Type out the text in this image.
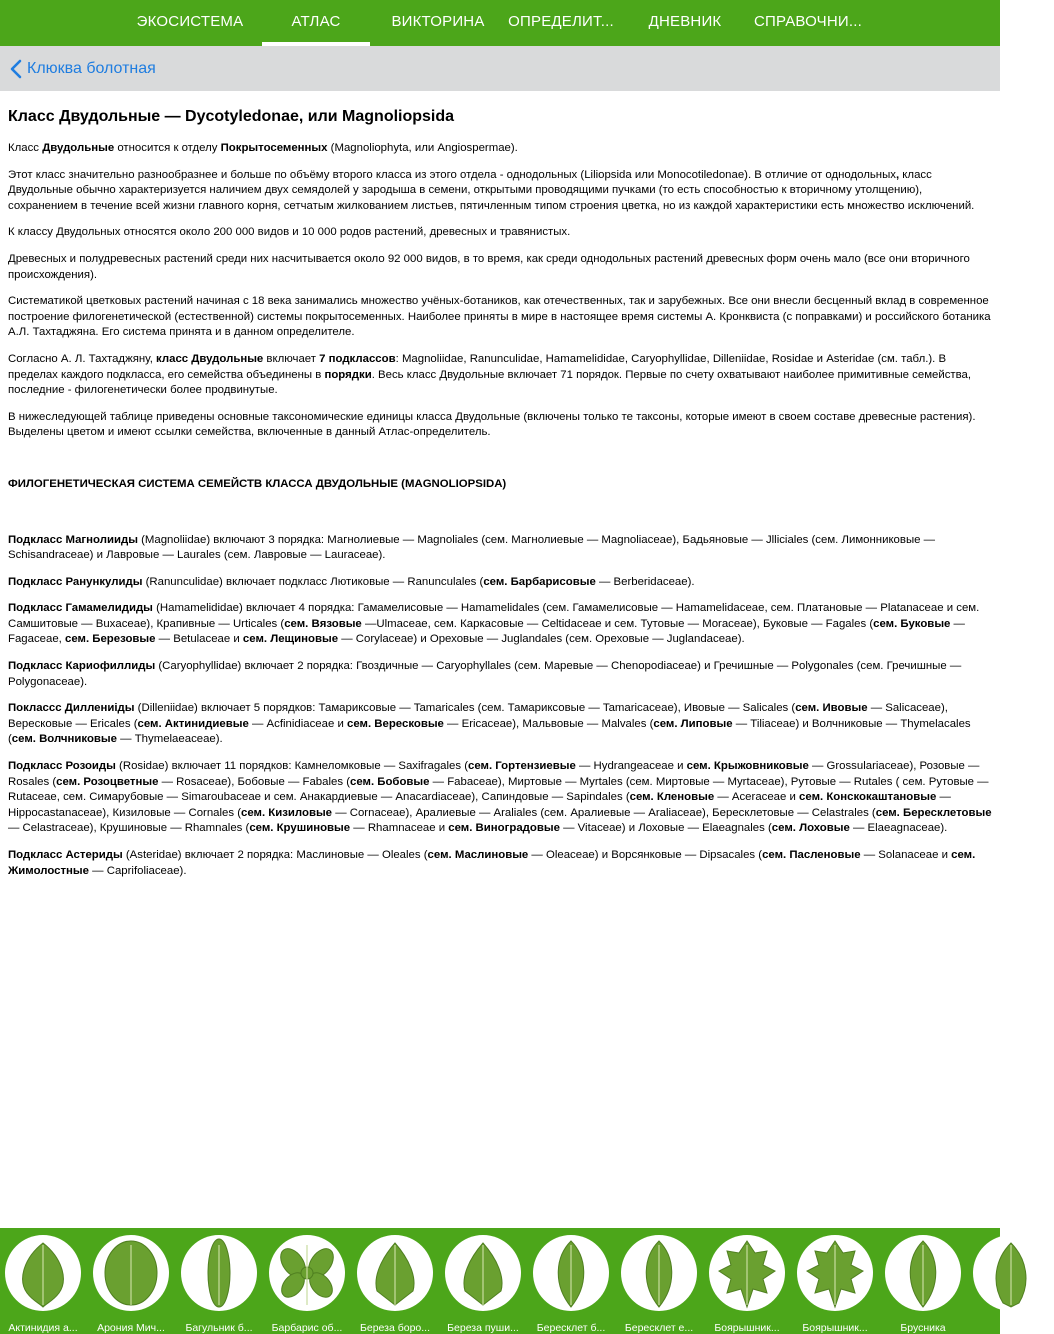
ЭКОСИСТЕМА	АТЛАС	ВИКТОРИНА	ОПРЕДЕЛИТ...	ДНЕВНИК	СПРАВОЧНИ...
Клюква болотная
Класс Двудольные — Dycotyledonae, или Magnoliopsida

Класс Двудольные относится к отделу Покрытосеменных (Magnoliophyta, или Angiospermae).

Этот класс значительно разнообразнее и больше по объёму второго класса из этого отдела - однодольных (Liliopsida или Monocotiledonae). В отличие от однодольных, класс Двудольные обычно характеризуется наличием двух семядолей у зародыша в семени, открытыми проводящими пучками (то есть способностью к вторичному утолщению), сохранением в течение всей жизни главного корня, сетчатым жилкованием листьев, пятичленным типом строения цветка, но из каждой характеристики есть множество исключений.

К классу Двудольных относятся около 200 000 видов и 10 000 родов растений, древесных и травянистых.

Древесных и полудревесных растений среди них насчитывается около 92 000 видов, в то время, как среди однодольных растений древесных форм очень мало (все они вторичного происхождения).

Систематикой цветковых растений начиная с 18 века занимались множество учёных-ботаников, как отечественных, так и зарубежных. Все они внесли бесценный вклад в современное построение филогенетической (естественной) системы покрытосеменных. Наиболее приняты в мире в настоящее время системы А. Кронквиста (с поправками) и российского ботаника А.Л. Тахтаджяна. Его система принята и в данном определителе.

Согласно А. Л. Тахтаджяну, класс Двудольные включает 7 подклассов: Magnoliidae, Ranunculidae, Hamamelididae, Caryophyllidae, Dilleniidae, Rosidae и Asteridae (см. табл.). В пределах каждого подкласса, его семейства объединены в порядки. Весь класс Двудольные включает 71 порядок. Первые по счету охватывают наиболее примитивные семейства, последние - филогенетически более продвинутые.

В нижеследующей таблице приведены основные таксономические единицы класса Двудольные (включены только те таксоны, которые имеют в своем составе древесные растения). Выделены цветом и имеют ссылки семейства, включенные в данный Атлас-определитель.

ФИЛОГЕНЕТИЧЕСКАЯ СИСТЕМА СЕМЕЙСТВ КЛАССА ДВУДОЛЬНЫЕ (MAGNOLIOPSIDA)

Подкласс Магнолииды (Magnoliidae) включают 3 порядка: Магнолиевые — Magnoliales (сем. Магнолиевые — Magnoliaceae), Бадьяновые — Jlliciales (сем. Лимонниковые — Schisandraceae) и Лавровые — Laurales (сем. Лавровые — Lauraceae).

Подкласс Ранункулиды (Ranunculidae) включает подкласс Лютиковые — Ranunculales (сем. Барбарисовые — Berberidaceae).

Подкласс Гамамелидиды (Hamamelididae) включает 4 порядка: Гамамелисовые — Hamamelidales (сем. Гамамелисовые — Hamamelidaceae, сем. Платановые — Platanaceae и сем. Самшитовые — Buxaceae), Крапивные — Urticales (сем. Вязовые —Ulmaceae, сем. Каркасовые — Celtidaceae и сем. Тутовые — Moraceae), Буковые — Fagales (сем. Буковые — Fagaceae, сем. Березовые — Betulaceae и сем. Лещиновые — Corylaceae) и Ореховые — Juglandales (сем. Ореховые — Juglandaceae).

Подкласс Кариофиллиды (Caryophyllidae) включает 2 порядка: Гвоздичные — Caryophyllales (сем. Маревые — Chenopodiaceae) и Гречишные — Polygonales (сем. Гречишные — Polygonaceae).

Поклассс Диллениiды (Dilleniidae) включает 5 порядков: Тамариксовые — Tamaricales (сем. Тамариксовые — Tamaricaceae), Ивовые — Salicales (сем. Ивовые — Salicaceae), Вересковые — Ericales (сем. Актинидиевые — Acfinidiaceae и сем. Вересковые — Ericaceae), Мальвовые — Malvales (сем. Липовые — Tiliaceae) и Волчниковые — Thymelacales (сем. Волчниковые — Thymelaeaceae).

Подкласс Розоиды (Rosidae) включает 11 порядков: Камнеломковые — Saxifragales (сем. Гортензиевые — Hydrangeaceae и сем. Крыжовниковые — Grossulariaceae), Розовые — Rosales (сем. Розоцветные — Rosaceae), Бобовые — Fabales (сем. Бобовые — Fabaceae), Миртовые — Myrtales (сем. Миртовые — Myrtaceae), Рутовые — Rutales ( сем. Рутовые — Rutaceae, сем. Симарубовые — Simaroubaceae и сем. Анакардиевые — Anacardiaceae), Сапиндовые — Sapindales (сем. Кленовые — Aceraceae и сем. Конскокаштановые — Hippocastanaceae), Кизиловые — Cornales (сем. Кизиловые — Cornaceae), Аралиевые — Araliales (сем. Аралиевые — Araliaceae), Бересклетовые — Celastrales (сем. Бересклетовые — Celastraceae), Крушиновые — Rhamnales (сем. Крушиновые — Rhamnaceae и сем. Виноградовые — Vitaceae) и Лоховые — Elaeagnales (сем. Лоховые — Elaeagnaceae).

Подкласс Астериды (Asteridae) включает 2 порядка: Маслиновые — Oleales (сем. Маслиновые — Oleaceae) и Ворсянковые — Dipsacales (сем. Пасленовые — Solanaceae и сем. Жимолостные — Caprifoliaceae).

Актинидия а...	Арония Мич...	Багульник б...	Барбарис об...	Береза боро...	Береза пуши...	Бересклет б...	Бересклет е...	Боярышник...	Боярышник...	Брусника	Бузи
